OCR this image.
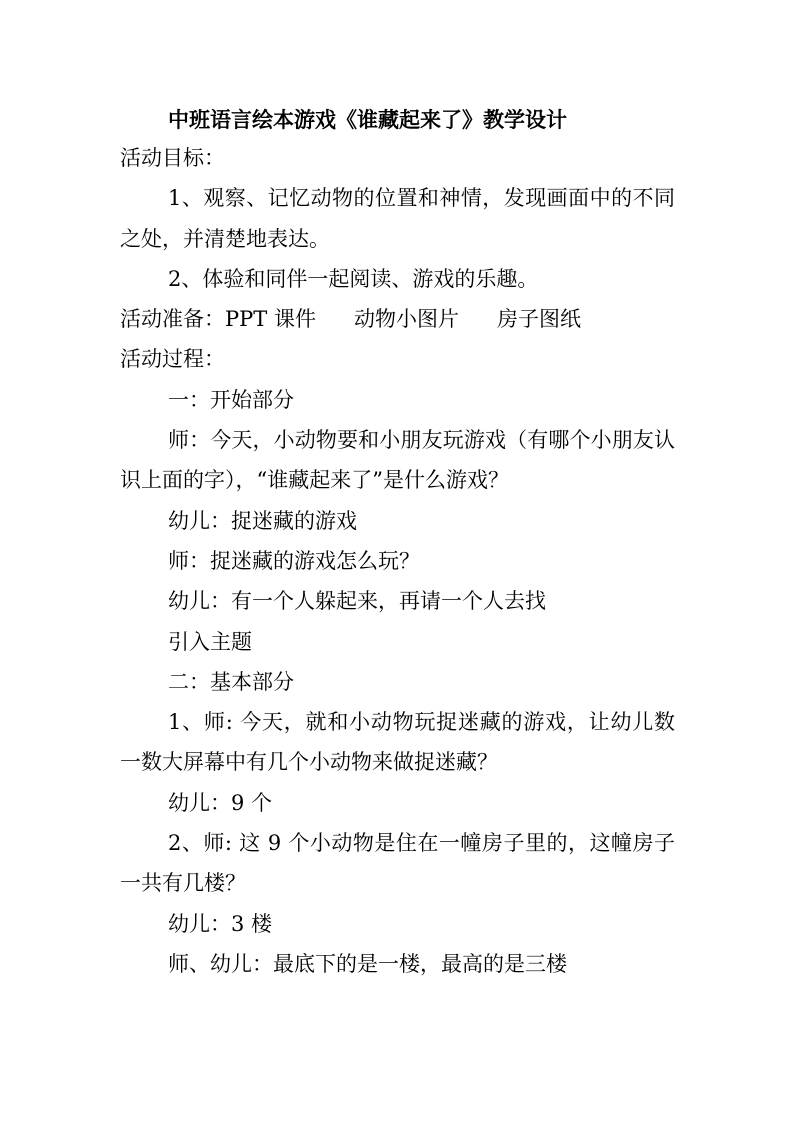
中班语言绘本游戏《谁藏起来了》教学设计

活动目标：

1、观察、记忆动物的位置和神情，发现画面中的不同之处，并清楚地表达。

2、体验和同伴一起阅读、游戏的乐趣。

活动准备：PPT 课件 动物小图片 房子图纸

活动过程：

一：开始部分

师：今天，小动物要和小朋友玩游戏（有哪个小朋友认识上面的字），“谁藏起来了”是什么游戏？

幼儿：捉迷藏的游戏

师：捉迷藏的游戏怎么玩？

幼儿：有一个人躲起来，再请一个人去找

引入主题

二：基本部分

1、师: 今天，就和小动物玩捉迷藏的游戏，让幼儿数一数大屏幕中有几个小动物来做捉迷藏？

幼儿：9 个

2、师: 这 9 个小动物是住在一幢房子里的，这幢房子一共有几楼？

幼儿：3 楼

师、幼儿：最底下的是一楼，最高的是三楼
